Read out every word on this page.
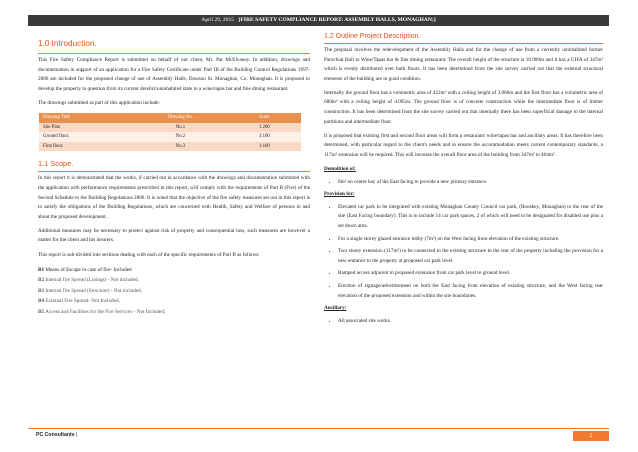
April 29, 2015 [FIRE SAFETY COMPLIANCE REPORT: ASSEMBLY HALLS, MONAGHAN;]
1.0 Introduction.

This Fire Safety Compliance Report is submitted on behalf of our client, Mr. Pat McElvaney. In addition, drawings and documentation in support of an application for a Fire Safety Certificate under Part III of the Building Control Regulations 1997-2006 are included for the proposed change of use of Assembly Halls, Dawson St. Monaghan, Co. Monaghan. It is proposed to develop the property in question from its current derelict/uninhabited state to a wine/tapas bar and fine dining restaurant.

The drawings submitted as part of this application include:

Drawing Title	Drawing No.	Scale
Site Plan	No.1	1:200
Ground floor.	No.2	1:100
First floor.	No.3	1:100
1.1 Scope.

In this report it is demonstrated that the works, if carried out in accordance with the drawings and documentation submitted with the application with performance requirements prescribed in this report, will comply with the requirements of Part B (Fire) of the Second Schedule to the Building Regulations 2006. It is noted that the objective of the fire safety measures set out in this report is to satisfy the obligations of the Building Regulations, which are concerned with Health, Safety and Welfare of persons in and about the proposed development.

Additional measures may be necessary to protect against risk of property and consequential loss, such measures are however a matter for the client and his insurers.

This report is sub-divided into sections dealing with each of the specific requirements of Part B as follows:

B1 Means of Escape in case of fire- Included
B2 Internal fire Spread (Linings) - Not included,
B3 Internal fire Spread (Structure) - Not included,
B4 External Fire Spread- Not Included,
B5 Access and Facilities for the Fire Services - Not Included;
1.2 Outline Project Description.

The proposal involves the redevelopment of the Assembly Halls and for the change of use from a currently uninhabited former Parochial Hall to Wine/Tapas bar & fine dining restaurant. The overall height of the structure is 10.900m and it has a GIFA of 347m² which is evenly distributed over both floors. It has been determined from the site survey carried out that the external structural elements of the building are in good condition.

Internally the ground floor has a volumetric area of 422m³ with a ceiling height of 3.066m and the first floor has a volumetric area of 680m³ with a ceiling height of 4.095m. The ground floor is of concrete construction while the intermediate floor is of timber construction. It has been determined from the site survey carried out that internally there has been superficial damage to the internal partitions and intermediate floor.

It is proposed that existing first and second floor areas will form a restaurant/ wine/tapas bar and ancillary areas. It has therefore been determined, with particular regard to the client's needs and to ensure the accommodation meets current contemporary standards, a 117m² extension will be required. This will increase the overall floor area of the building from 347m² to 464m².

Demolition of:
• 8m² on centre bay of the East facing to provide a new primary entrance.
Provision for:
• Elevated car park to be integrated with existing Monaghan County Council car park, (Rooskey, Monaghan) to the rear of the site (East Facing boundary). This is to include 14 car park spaces, 2 of which will need to be designated for disabled use plus a set down area.
• For a single storey glazed entrance lobby (7m²) on the West facing front elevation of the existing structure.
• Two storey extension (117m²) to be connected to the existing structure to the rear of the property including the provision for a new entrance to the property at proposed car park level.
• Ramped access adjacent to proposed extension from car park level to ground level.
• Erection of signage/advertisement on both the East facing front elevation of existing structure, and the West facing rear elevation of the proposed extension and within the site boundaries.
Ancillary:
• All associated site works.
PC Consultants |	1
